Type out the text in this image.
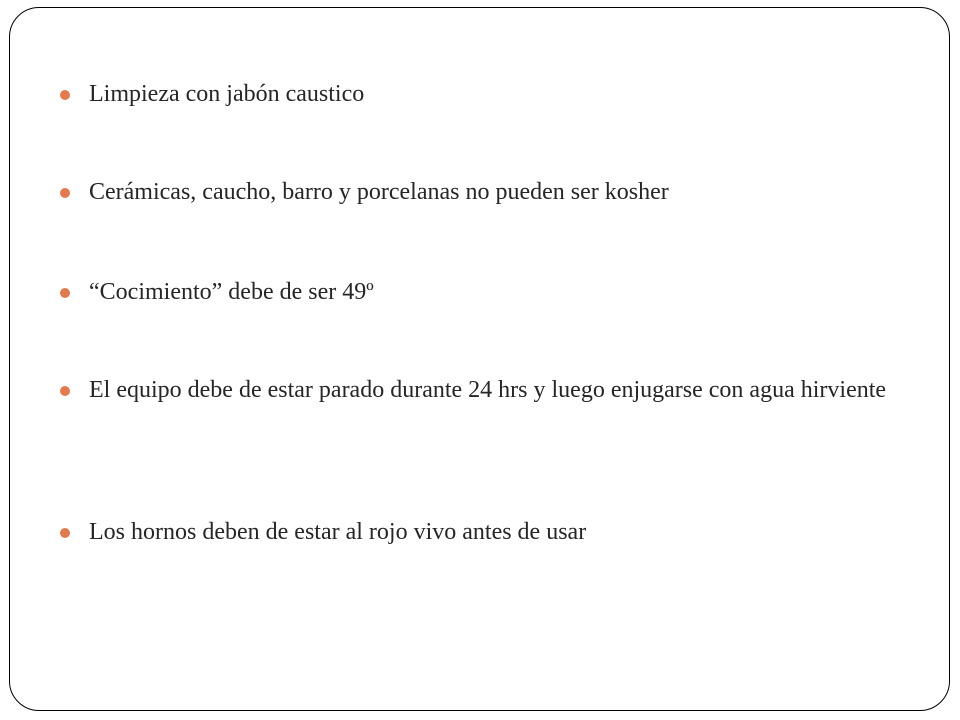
Limpieza con jabón caustico
Cerámicas, caucho, barro y porcelanas no pueden ser kosher
“Cocimiento” debe de ser 49º
El equipo debe de estar parado durante 24 hrs y luego enjugarse con agua hirviente
Los hornos deben de estar al rojo vivo antes de usar
